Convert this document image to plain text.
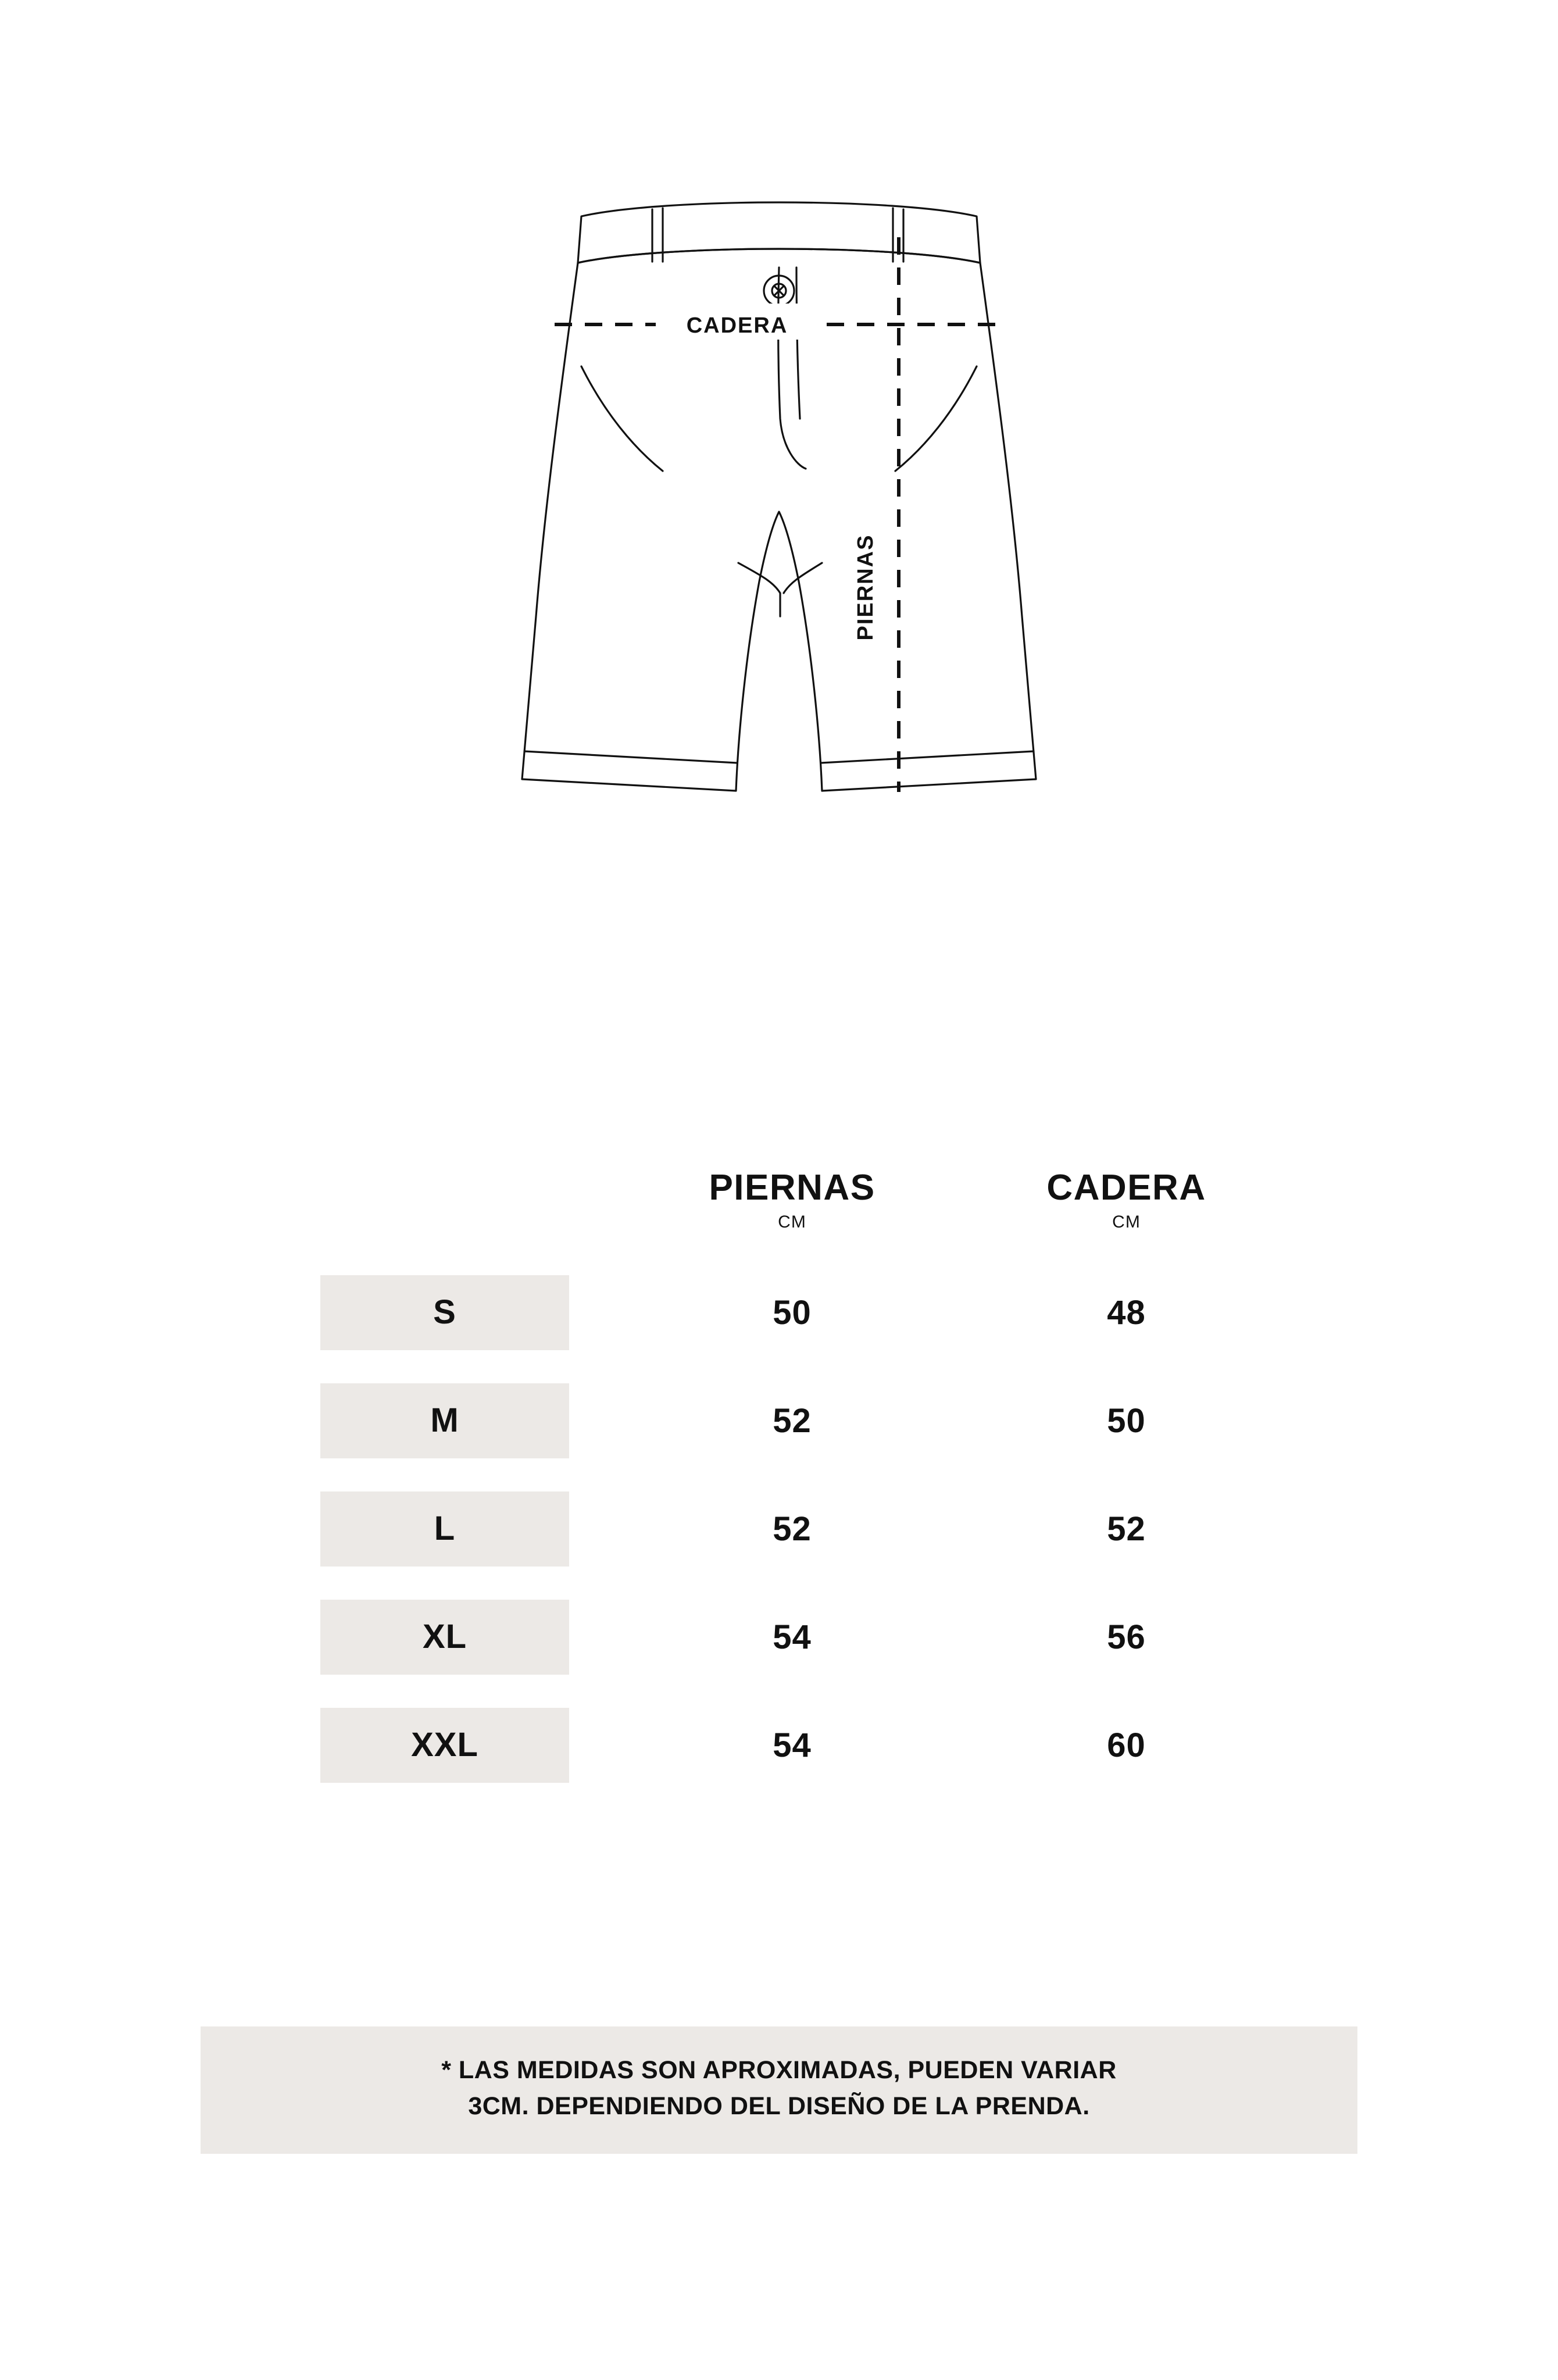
CADERA
PIERNAS

PIERNAS
CM

CADERA
CM

S	50	48

M	52	50

L	52	52

XL	54	56

XXL	54	60
* LAS MEDIDAS SON APROXIMADAS, PUEDEN VARIAR
3CM. DEPENDIENDO DEL DISEÑO DE LA PRENDA.
